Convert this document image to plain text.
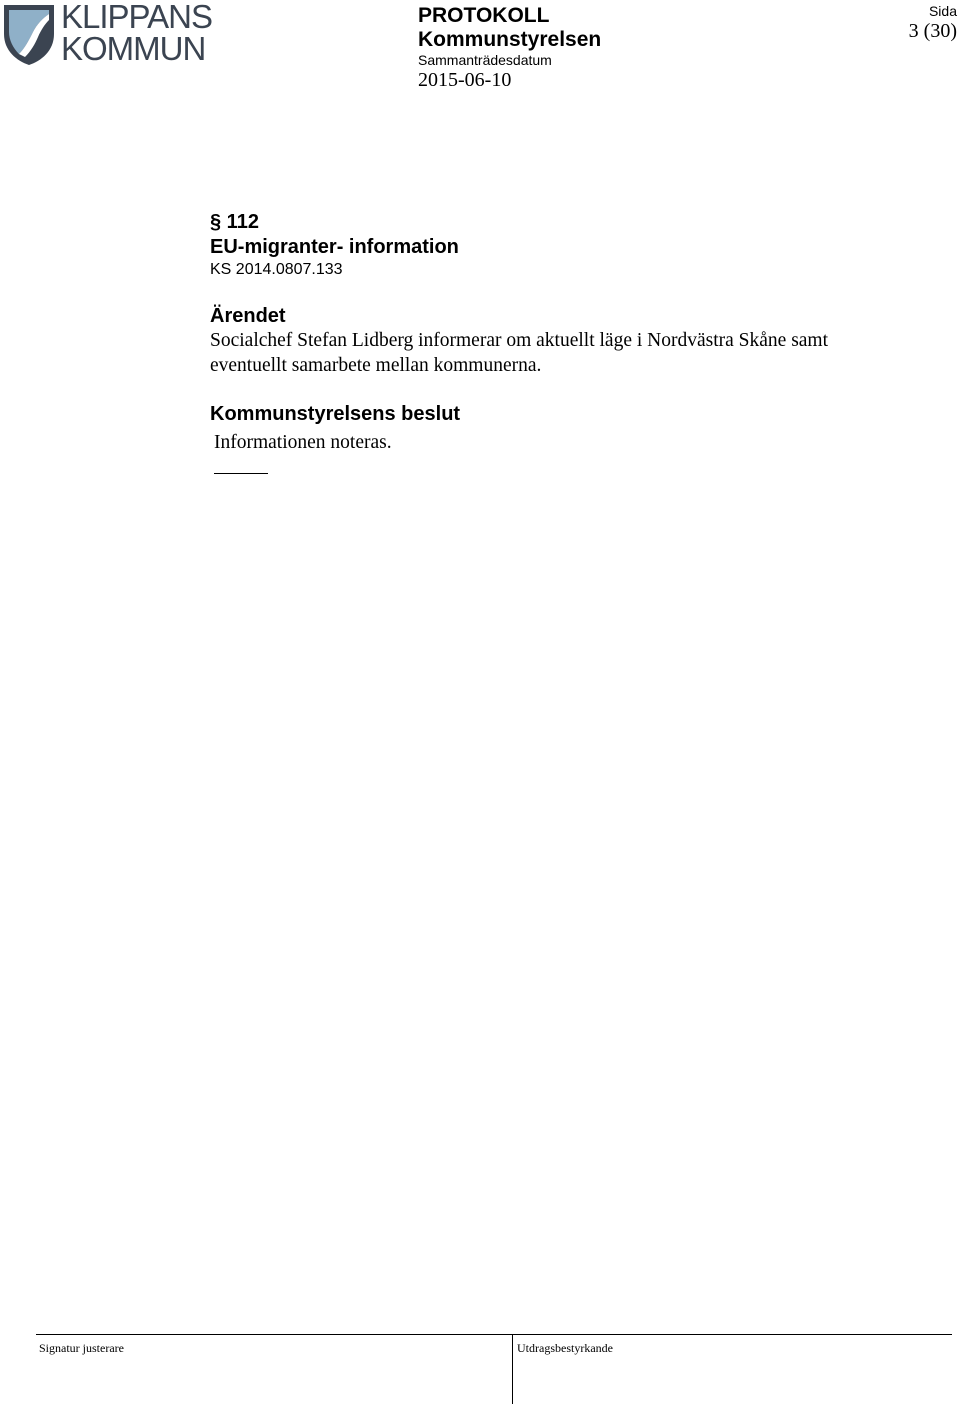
KLIPPANS
KOMMUN
PROTOKOLL
Kommunstyrelsen
Sammanträdesdatum
2015-06-10
Sida
3 (30)
§ 112
EU-migranter- information
KS 2014.0807.133
Ärendet
Socialchef Stefan Lidberg informerar om aktuellt läge i Nordvästra Skåne samt
eventuellt samarbete mellan kommunerna.
Kommunstyrelsens beslut
Informationen noteras.
Signatur justerare	Utdragsbestyrkande
